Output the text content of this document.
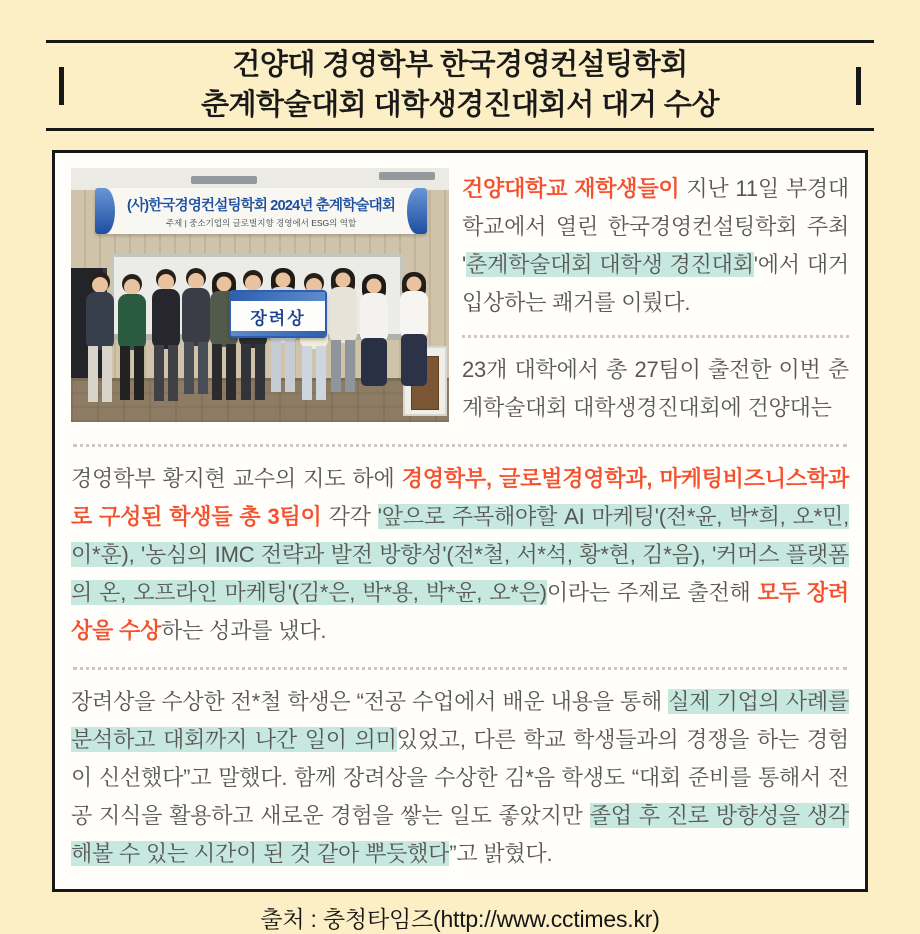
건양대 경영학부 한국경영컨설팅학회
춘계학술대회 대학생경진대회서 대거 수상
(사)한국경영컨설팅학회 2024년 춘계학술대회
주제 | 중소기업의 글로벌지향 경영에서 ESG의 역할
장려상

건양대학교 재학생들이 지난 11일 부경대학교에서 열린 한국경영컨설팅학회 주최 '춘계학술대회 대학생 경진대회'에서 대거 입상하는 쾌거를 이뤘다.

23개 대학에서 총 27팀이 출전한 이번 춘계학술대회 대학생경진대회에 건양대는

경영학부 황지현 교수의 지도 하에 경영학부, 글로벌경영학과, 마케팅비즈니스학과로 구성된 학생들 총 3팀이 각각 '앞으로 주목해야할 AI 마케팅'(전*윤, 박*희, 오*민, 이*훈), '농심의 IMC 전략과 발전 방향성'(전*철, 서*석, 황*현, 김*음), '커머스 플랫폼의 온, 오프라인 마케팅'(김*은, 박*용, 박*윤, 오*은)이라는 주제로 출전해 모두 장려상을 수상하는 성과를 냈다.

장려상을 수상한 전*철 학생은 “전공 수업에서 배운 내용을 통해 실제 기업의 사례를 분석하고 대회까지 나간 일이 의미있었고, 다른 학교 학생들과의 경쟁을 하는 경험이 신선했다”고 말했다. 함께 장려상을 수상한 김*음 학생도 “대회 준비를 통해서 전공 지식을 활용하고 새로운 경험을 쌓는 일도 좋았지만 졸업 후 진로 방향성을 생각해볼 수 있는 시간이 된 것 같아 뿌듯했다”고 밝혔다.

출처 : 충청타임즈(http://www.cctimes.kr)
